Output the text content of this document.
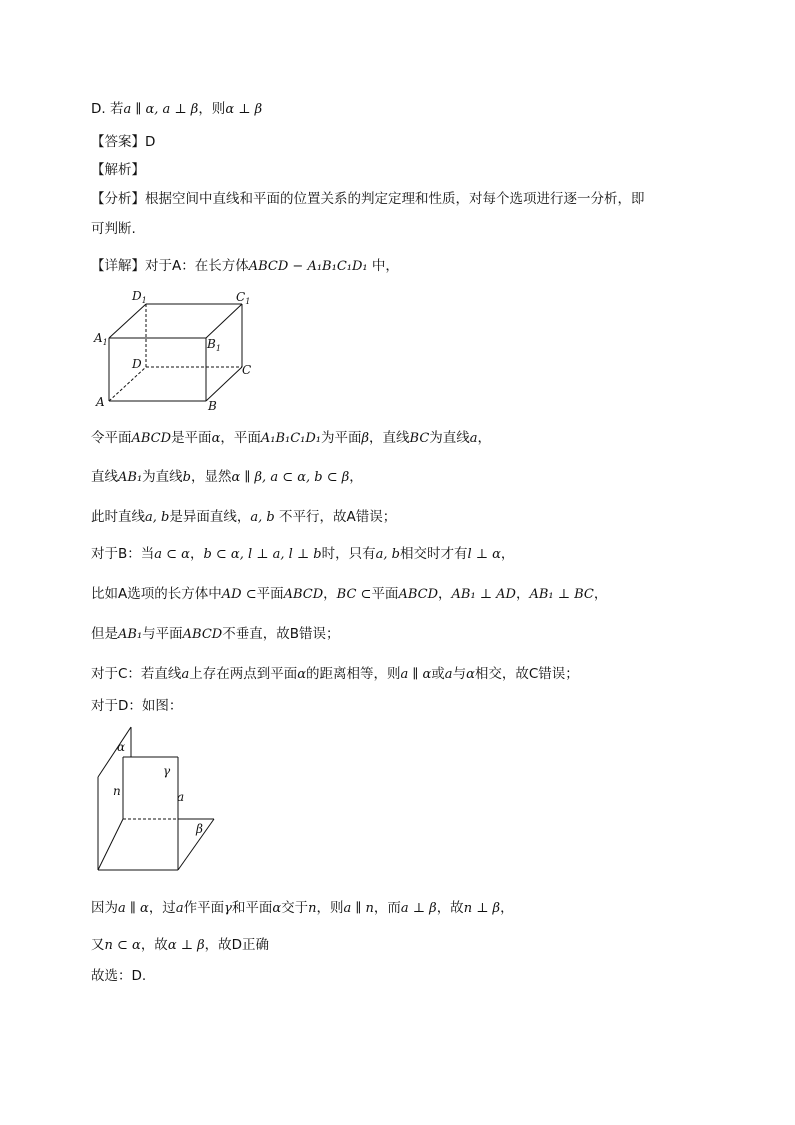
D. 若a ∥ α, a ⊥ β，则α ⊥ β
【答案】D
【解析】
【分析】根据空间中直线和平面的位置关系的判定定理和性质，对每个选项进行逐一分析，即
可判断.
【详解】对于A：在长方体ABCD − A₁B₁C₁D₁ 中，
A	B
C
D
$A_1$	$B_1$
$C_1$
$D_1$
令平面ABCD是平面α，平面A₁B₁C₁D₁为平面β，直线BC为直线a，
直线AB₁为直线b，显然α ∥ β, a ⊂ α, b ⊂ β，
此时直线a, b是异面直线，a, b 不平行，故A错误；
对于B：当a ⊂ α，b ⊂ α, l ⊥ a, l ⊥ b时，只有a, b相交时才有l ⊥ α，
比如A选项的长方体中AD ⊂平面ABCD，BC ⊂平面ABCD，AB₁ ⊥ AD，AB₁ ⊥ BC，
但是AB₁与平面ABCD不垂直，故B错误；
对于C：若直线a上存在两点到平面α的距离相等，则a ∥ α或a与α相交，故C错误；
对于D：如图：
α
γ
n	a
β
因为a ∥ α，过a作平面γ和平面α交于n，则a ∥ n，而a ⊥ β，故n ⊥ β，
又n ⊂ α，故α ⊥ β，故D正确
故选：D.
